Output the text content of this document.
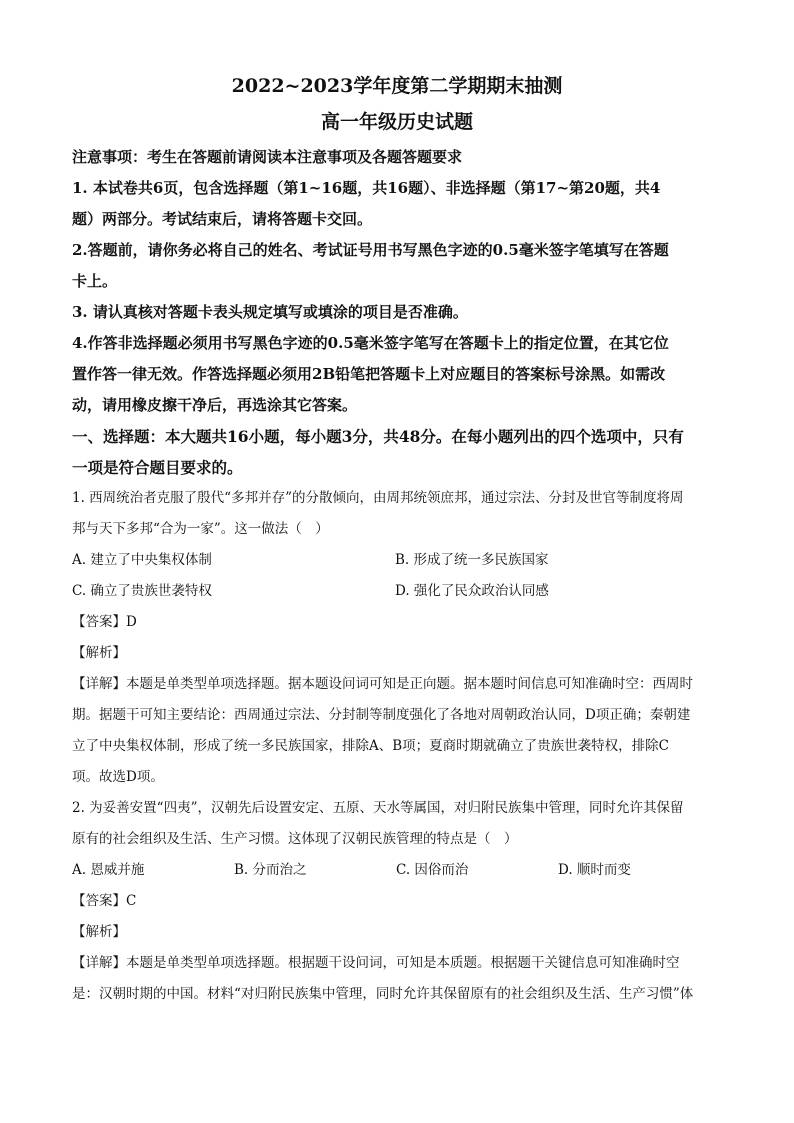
2022~2023学年度第二学期期末抽测
高一年级历史试题

注意事项：考生在答题前请阅读本注意事项及各题答题要求

1. 本试卷共6页，包含选择题（第1~16题，共16题）、非选择题（第17~第20题，共4

题）两部分。考试结束后，请将答题卡交回。

2.答题前，请你务必将自己的姓名、考试证号用书写黑色字迹的0.5毫米签字笔填写在答题

卡上。

3. 请认真核对答题卡表头规定填写或填涂的项目是否准确。

4.作答非选择题必须用书写黑色字迹的0.5毫米签字笔写在答题卡上的指定位置，在其它位

置作答一律无效。作答选择题必须用2B铅笔把答题卡上对应题目的答案标号涂黑。如需改

动，请用橡皮擦干净后，再选涂其它答案。

一、选择题：本大题共16小题，每小题3分，共48分。在每小题列出的四个选项中，只有

一项是符合题目要求的。

1. 西周统治者克服了殷代“多邦并存”的分散倾向，由周邦统领庶邦，通过宗法、分封及世官等制度将周

邦与天下多邦“合为一家”。这一做法（　）

A. 建立了中央集权体制	B. 形成了统一多民族国家
C. 确立了贵族世袭特权	D. 强化了民众政治认同感

【答案】D

【解析】

【详解】本题是单类型单项选择题。据本题设问词可知是正向题。据本题时间信息可知准确时空：西周时

期。据题干可知主要结论：西周通过宗法、分封制等制度强化了各地对周朝政治认同，D项正确；秦朝建

立了中央集权体制，形成了统一多民族国家，排除A、B项；夏商时期就确立了贵族世袭特权，排除C

项。故选D项。

2. 为妥善安置“四夷”，汉朝先后设置安定、五原、天水等属国，对归附民族集中管理，同时允许其保留

原有的社会组织及生活、生产习惯。这体现了汉朝民族管理的特点是（　）

A. 恩威并施	B. 分而治之	C. 因俗而治	D. 顺时而变

【答案】C

【解析】

【详解】本题是单类型单项选择题。根据题干设问词，可知是本质题。根据题干关键信息可知准确时空

是：汉朝时期的中国。材料“对归附民族集中管理，同时允许其保留原有的社会组织及生活、生产习惯”体
